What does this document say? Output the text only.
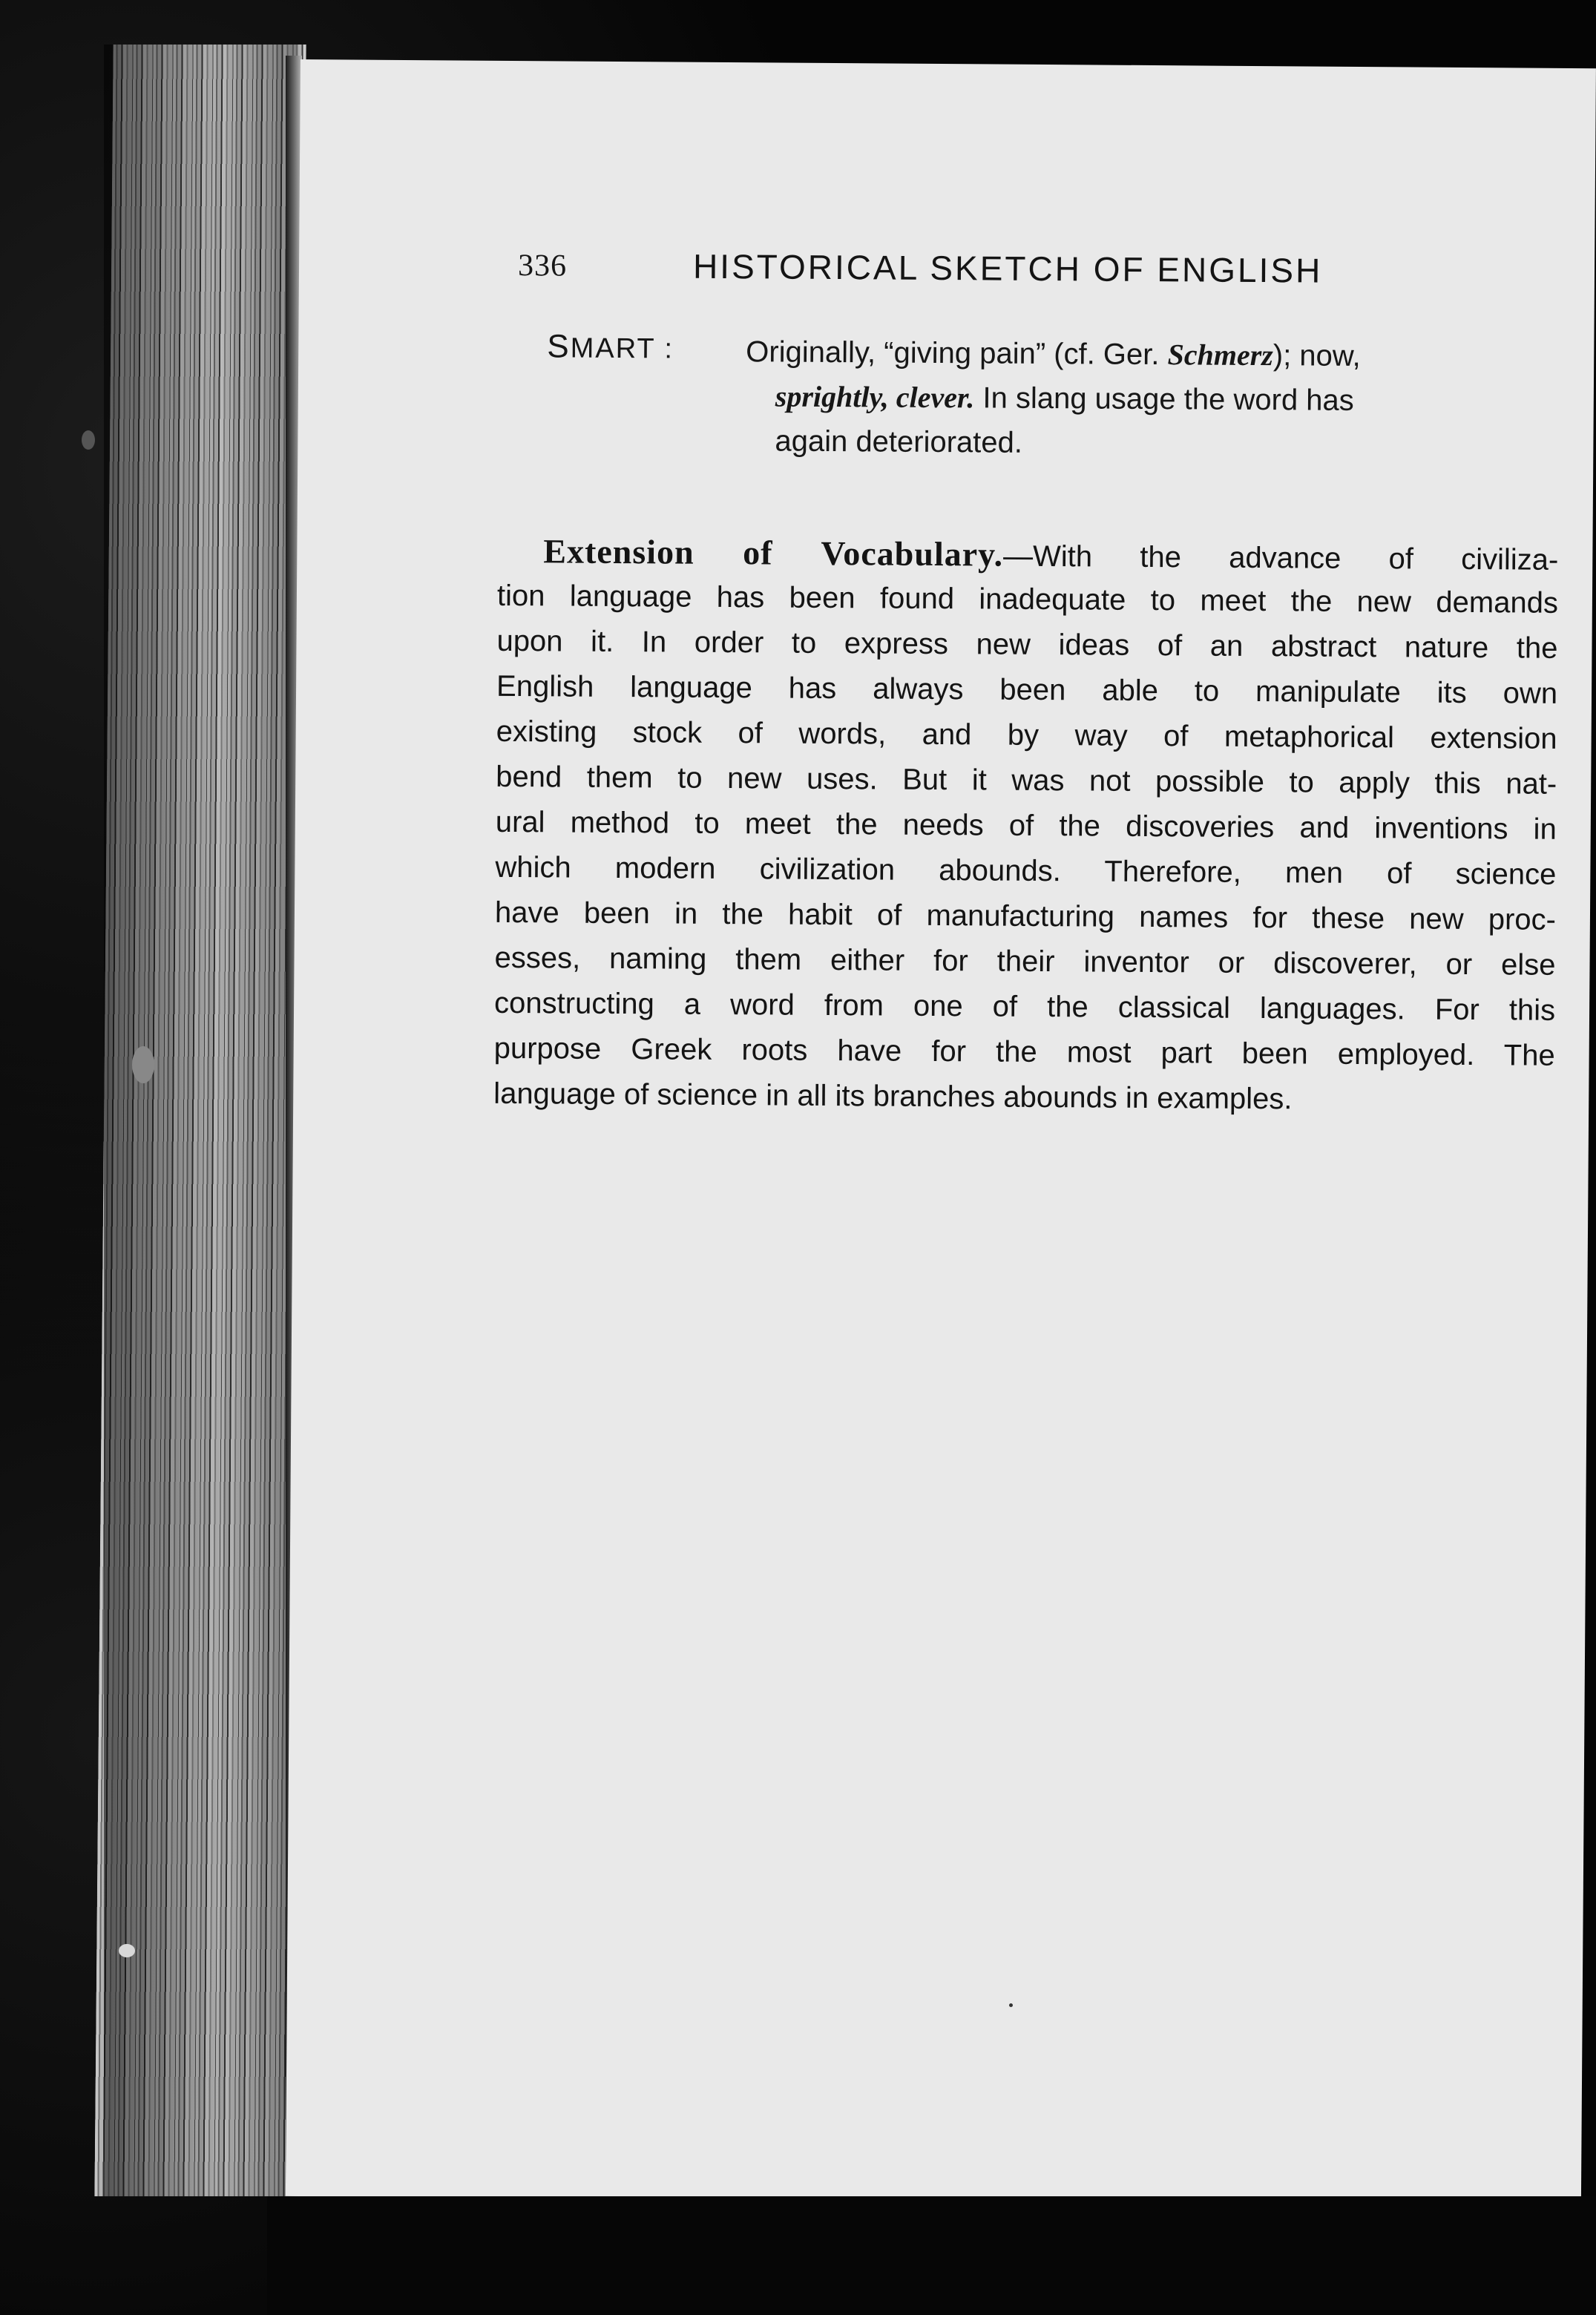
336	HISTORICAL SKETCH OF ENGLISH
SMART : Originally, “giving pain” (cf. Ger. Schmerz); now,
sprightly, clever. In slang usage the word has
again deteriorated.
Extension of Vocabulary.—With the advance of civiliza-
tion language has been found inadequate to meet the new demands
upon it. In order to express new ideas of an abstract nature the
English language has always been able to manipulate its own
existing stock of words, and by way of metaphorical extension
bend them to new uses. But it was not possible to apply this nat-
ural method to meet the needs of the discoveries and inventions in
which modern civilization abounds. Therefore, men of science
have been in the habit of manufacturing names for these new proc-
esses, naming them either for their inventor or discoverer, or else
constructing a word from one of the classical languages. For this
purpose Greek roots have for the most part been employed. The
language of science in all its branches abounds in examples.
